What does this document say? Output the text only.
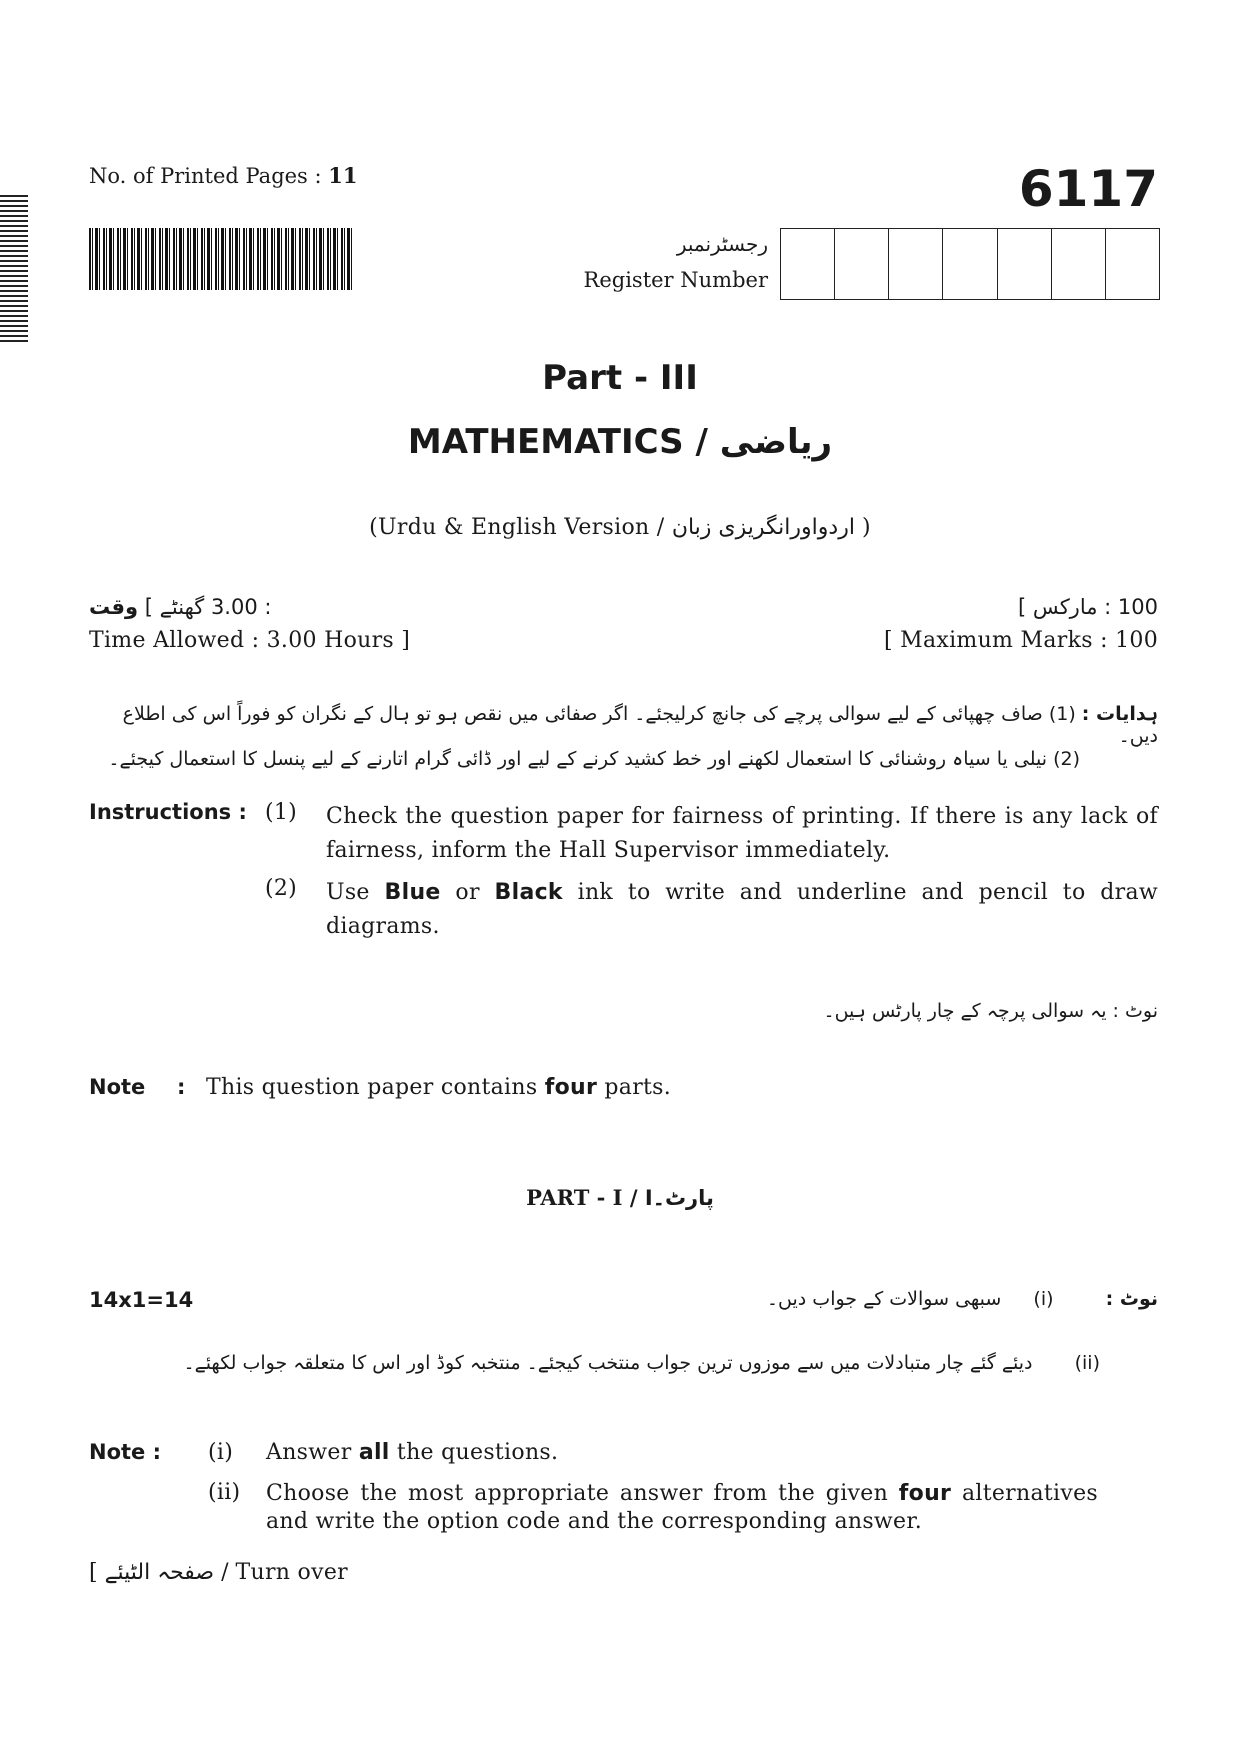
No. of Printed Pages : 11	6117
رجسٹرنمبر
Register Number
Part - III
MATHEMATICS / ریاضی
(Urdu & English Version / اردواورانگریزی زبان )
: 3.00 گھنٹے ] وقت
Time Allowed : 3.00 Hours ]
100 : مارکس ]
[ Maximum Marks : 100
ہدایات : (1) صاف چھپائی کے لیے سوالی پرچے کی جانچ کرلیجئے۔ اگر صفائی میں نقص ہو تو ہال کے نگران کو فوراً اس کی اطلاع دیں۔
(2) نیلی یا سیاہ روشنائی کا استعمال لکھنے اور خط کشید کرنے کے لیے اور ڈائی گرام اتارنے کے لیے پنسل کا استعمال کیجئے۔
Instructions : (1) Check the question paper for fairness of printing. If there is any lack of fairness, inform the Hall Supervisor immediately.
(2) Use Blue or Black ink to write and underline and pencil to draw diagrams.
نوٹ : یہ سوالی پرچہ کے چار پارٹس ہیں۔
Note : This question paper contains four parts.
PART - I / پارٹ۔I
14x1=14	نوٹ :  (i)  سبھی سوالات کے جواب دیں۔
(ii)  دیئے گئے چار متبادلات میں سے موزوں ترین جواب منتخب کیجئے۔ منتخبہ کوڈ اور اس کا متعلقہ جواب لکھئے۔
Note : (i) Answer all the questions.
(ii) Choose the most appropriate answer from the given four alternatives and write the option code and the corresponding answer.
[ صفحہ الٹیئے / Turn over
